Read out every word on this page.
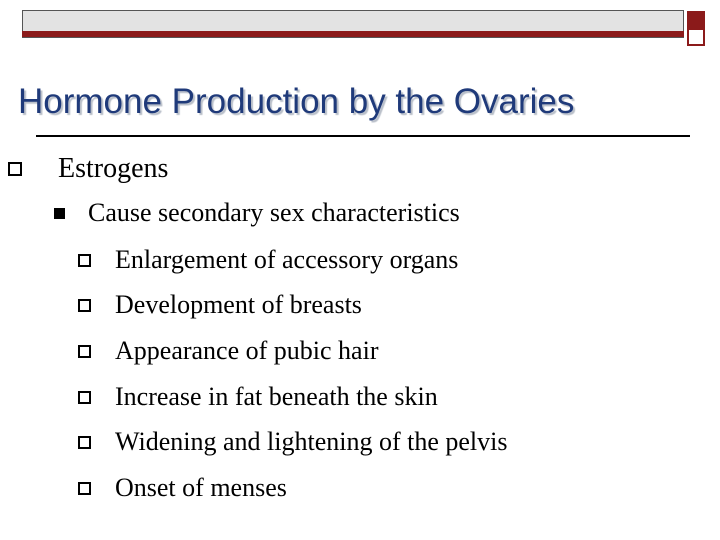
Hormone Production by the Ovaries
Estrogens
Cause secondary sex characteristics
Enlargement of accessory organs
Development of breasts
Appearance of pubic hair
Increase in fat beneath the skin
Widening and lightening of the pelvis
Onset of menses
